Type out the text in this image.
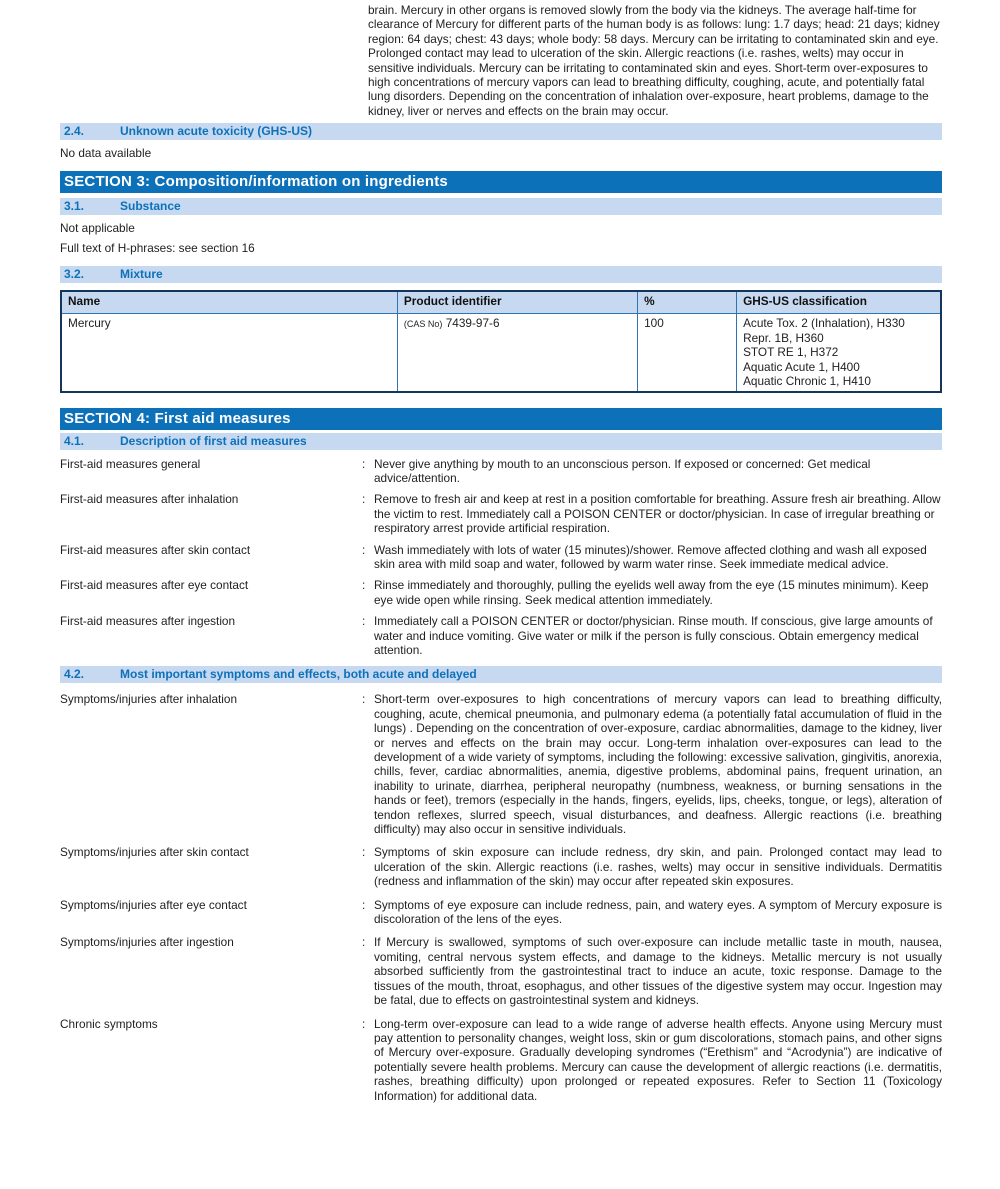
brain. Mercury in other organs is removed slowly from the body via the kidneys. The average half-time for clearance of Mercury for different parts of the human body is as follows: lung: 1.7 days; head: 21 days; kidney region: 64 days; chest: 43 days; whole body: 58 days. Mercury can be irritating to contaminated skin and eye. Prolonged contact may lead to ulceration of the skin. Allergic reactions (i.e. rashes, welts) may occur in sensitive individuals. Mercury can be irritating to contaminated skin and eyes. Short-term over-exposures to high concentrations of mercury vapors can lead to breathing difficulty, coughing, acute, and potentially fatal lung disorders. Depending on the concentration of inhalation over-exposure, heart problems, damage to the kidney, liver or nerves and effects on the brain may occur.
2.4.	Unknown acute toxicity (GHS-US)
No data available
SECTION 3: Composition/information on ingredients
3.1.	Substance
Not applicable
Full text of H-phrases: see section 16
3.2.	Mixture
Name	Product identifier	%	GHS-US classification
Mercury	(CAS No) 7439-97-6	100	Acute Tox. 2 (Inhalation), H330
Repr. 1B, H360
STOT RE 1, H372
Aquatic Acute 1, H400
Aquatic Chronic 1, H410
SECTION 4: First aid measures
4.1.	Description of first aid measures
First-aid measures general	: Never give anything by mouth to an unconscious person. If exposed or concerned: Get medical advice/attention.
First-aid measures after inhalation	: Remove to fresh air and keep at rest in a position comfortable for breathing. Assure fresh air breathing. Allow the victim to rest. Immediately call a POISON CENTER or doctor/physician. In case of irregular breathing or respiratory arrest provide artificial respiration.
First-aid measures after skin contact	: Wash immediately with lots of water (15 minutes)/shower. Remove affected clothing and wash all exposed skin area with mild soap and water, followed by warm water rinse. Seek immediate medical advice.
First-aid measures after eye contact	: Rinse immediately and thoroughly, pulling the eyelids well away from the eye (15 minutes minimum). Keep eye wide open while rinsing. Seek medical attention immediately.
First-aid measures after ingestion	: Immediately call a POISON CENTER or doctor/physician. Rinse mouth. If conscious, give large amounts of water and induce vomiting. Give water or milk if the person is fully conscious. Obtain emergency medical attention.
4.2.	Most important symptoms and effects, both acute and delayed
Symptoms/injuries after inhalation	: Short-term over-exposures to high concentrations of mercury vapors can lead to breathing difficulty, coughing, acute, chemical pneumonia, and pulmonary edema (a potentially fatal accumulation of fluid in the lungs) . Depending on the concentration of over-exposure, cardiac abnormalities, damage to the kidney, liver or nerves and effects on the brain may occur. Long-term inhalation over-exposures can lead to the development of a wide variety of symptoms, including the following: excessive salivation, gingivitis, anorexia, chills, fever, cardiac abnormalities, anemia, digestive problems, abdominal pains, frequent urination, an inability to urinate, diarrhea, peripheral neuropathy (numbness, weakness, or burning sensations in the hands or feet), tremors (especially in the hands, fingers, eyelids, lips, cheeks, tongue, or legs), alteration of tendon reflexes, slurred speech, visual disturbances, and deafness. Allergic reactions (i.e. breathing difficulty) may also occur in sensitive individuals.
Symptoms/injuries after skin contact	: Symptoms of skin exposure can include redness, dry skin, and pain. Prolonged contact may lead to ulceration of the skin. Allergic reactions (i.e. rashes, welts) may occur in sensitive individuals. Dermatitis (redness and inflammation of the skin) may occur after repeated skin exposures.
Symptoms/injuries after eye contact	: Symptoms of eye exposure can include redness, pain, and watery eyes. A symptom of Mercury exposure is discoloration of the lens of the eyes.
Symptoms/injuries after ingestion	: If Mercury is swallowed, symptoms of such over-exposure can include metallic taste in mouth, nausea, vomiting, central nervous system effects, and damage to the kidneys. Metallic mercury is not usually absorbed sufficiently from the gastrointestinal tract to induce an acute, toxic response. Damage to the tissues of the mouth, throat, esophagus, and other tissues of the digestive system may occur. Ingestion may be fatal, due to effects on gastrointestinal system and kidneys.
Chronic symptoms	: Long-term over-exposure can lead to a wide range of adverse health effects. Anyone using Mercury must pay attention to personality changes, weight loss, skin or gum discolorations, stomach pains, and other signs of Mercury over-exposure. Gradually developing syndromes (“Erethism” and “Acrodynia”) are indicative of potentially severe health problems. Mercury can cause the development of allergic reactions (i.e. dermatitis, rashes, breathing difficulty) upon prolonged or repeated exposures. Refer to Section 11 (Toxicology Information) for additional data.
